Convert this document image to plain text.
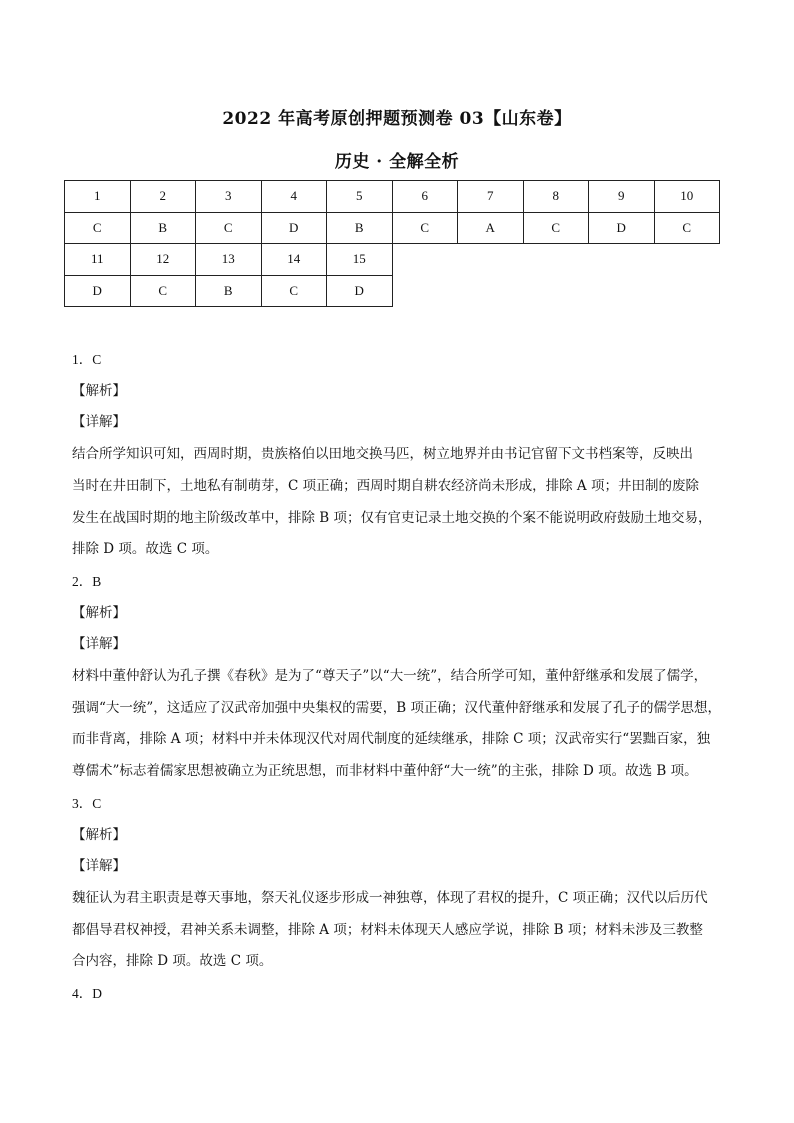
2022 年高考原创押题预测卷 03【山东卷】
历史 · 全解全析
1	2	3	4	5	6	7	8	9	10
C	B	C	D	B	C	A	C	D	C
11	12	13	14	15					
D	C	B	C	D					

1．C

【解析】

【详解】

结合所学知识可知，西周时期，贵族格伯以田地交换马匹，树立地界并由书记官留下文书档案等，反映出

当时在井田制下，土地私有制萌芽，C 项正确；西周时期自耕农经济尚未形成，排除 A 项；井田制的废除

发生在战国时期的地主阶级改革中，排除 B 项；仅有官吏记录土地交换的个案不能说明政府鼓励土地交易，

排除 D 项。故选 C 项。

2．B

【解析】

【详解】

材料中董仲舒认为孔子撰《春秋》是为了“尊天子”以“大一统”，结合所学可知，董仲舒继承和发展了儒学，

强调“大一统”，这适应了汉武帝加强中央集权的需要，B 项正确；汉代董仲舒继承和发展了孔子的儒学思想，

而非背离，排除 A 项；材料中并未体现汉代对周代制度的延续继承，排除 C 项；汉武帝实行“罢黜百家，独

尊儒术”标志着儒家思想被确立为正统思想，而非材料中董仲舒“大一统”的主张，排除 D 项。故选 B 项。

3．C

【解析】

【详解】

魏征认为君主职责是尊天事地，祭天礼仪逐步形成一神独尊，体现了君权的提升，C 项正确；汉代以后历代

都倡导君权神授，君神关系未调整，排除 A 项；材料未体现天人感应学说，排除 B 项；材料未涉及三教整

合内容，排除 D 项。故选 C 项。

4．D
